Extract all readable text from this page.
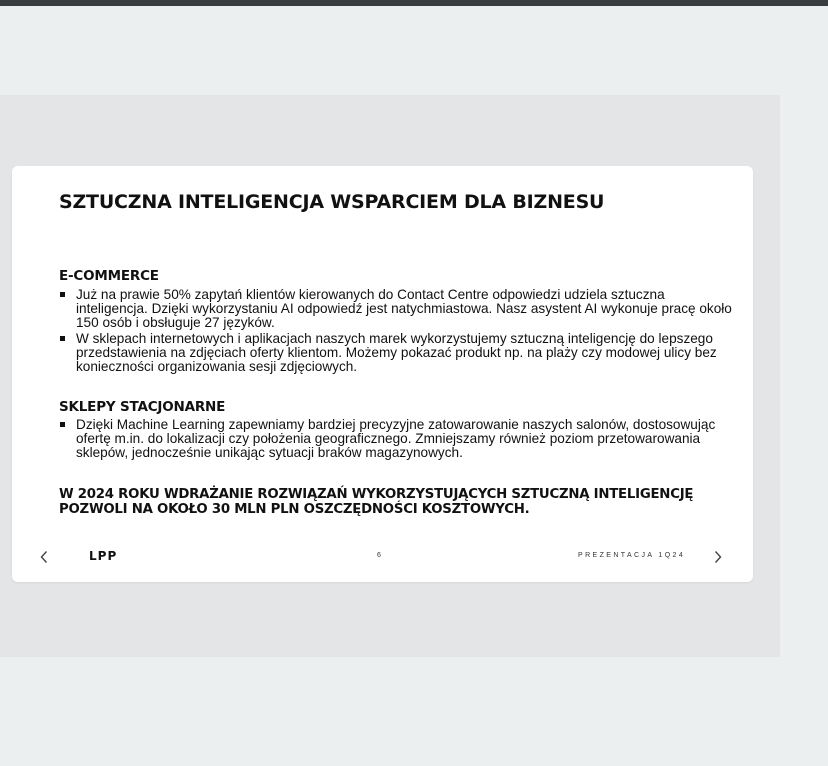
SZTUCZNA INTELIGENCJA WSPARCIEM DLA BIZNESU
E-COMMERCE
Już na prawie 50% zapytań klientów kierowanych do Contact Centre odpowiedzi udziela sztuczna inteligencja. Dzięki wykorzystaniu AI odpowiedź jest natychmiastowa. Nasz asystent AI wykonuje pracę około 150 osób i obsługuje 27 języków.
W sklepach internetowych i aplikacjach naszych marek wykorzystujemy sztuczną inteligencję do lepszego przedstawienia na zdjęciach oferty klientom. Możemy pokazać produkt np. na plaży czy modowej ulicy bez konieczności organizowania sesji zdjęciowych.
SKLEPY STACJONARNE
Dzięki Machine Learning zapewniamy bardziej precyzyjne zatowarowanie naszych salonów, dostosowując ofertę m.in. do lokalizacji czy położenia geograficznego. Zmniejszamy również poziom przetowarowania sklepów, jednocześnie unikając sytuacji braków magazynowych.

W 2024 ROKU WDRAŻANIE ROZWIĄZAŃ WYKORZYSTUJĄCYCH SZTUCZNĄ INTELIGENCJĘ POZWOLI NA OKOŁO 30 MLN PLN OSZCZĘDNOŚCI KOSZTOWYCH.

LPP	6	PREZENTACJA 1Q24
